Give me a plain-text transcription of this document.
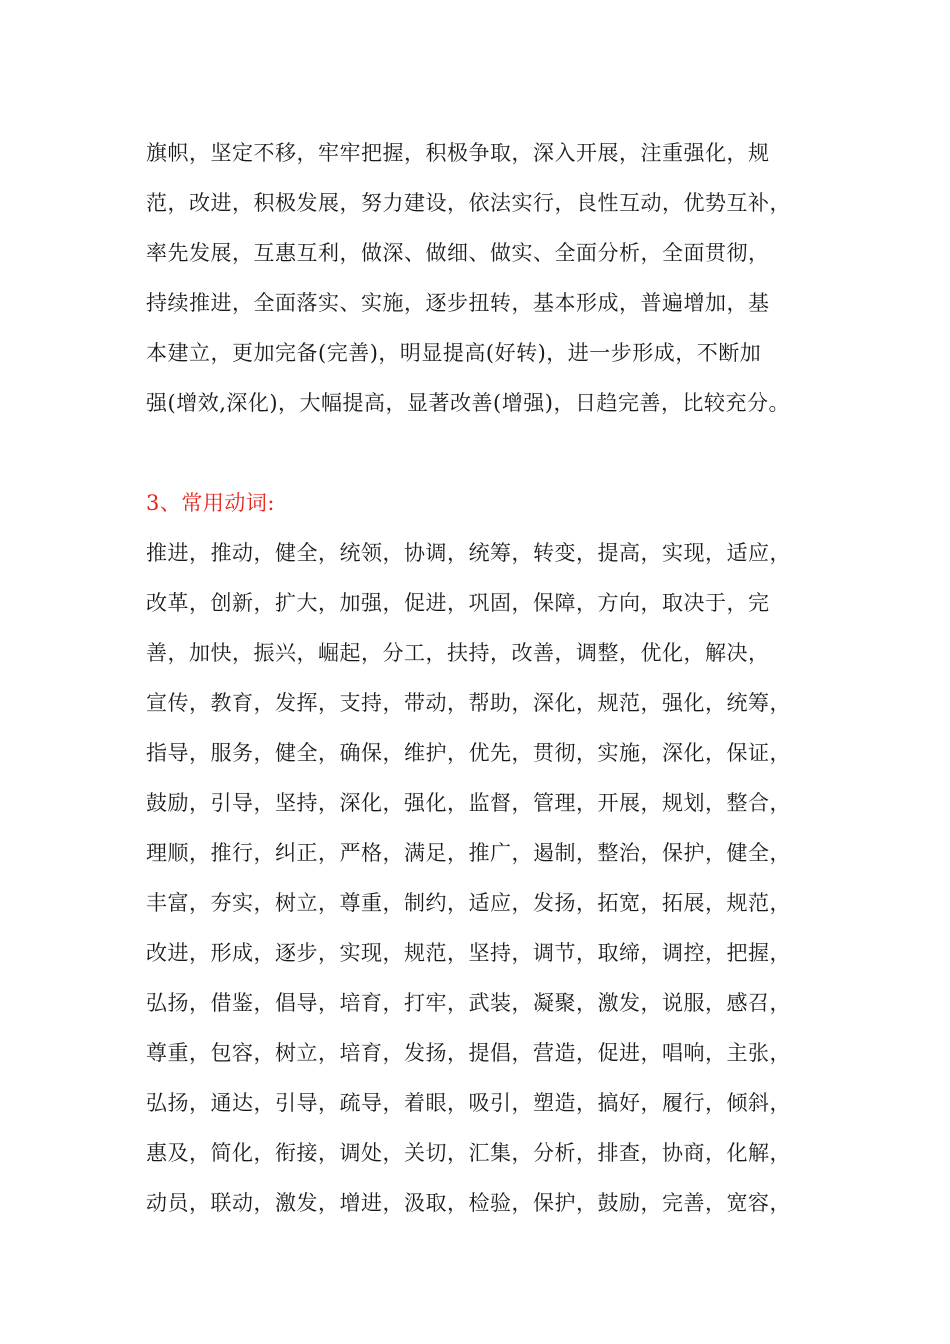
旗帜，坚定不移，牢牢把握，积极争取，深入开展，注重强化，规
范，改进，积极发展，努力建设，依法实行，良性互动，优势互补，
率先发展，互惠互利，做深、做细、做实、全面分析，全面贯彻，
持续推进，全面落实、实施，逐步扭转，基本形成，普遍增加，基
本建立，更加完备(完善)，明显提高(好转)，进一步形成，不断加
强(增效,深化)，大幅提高，显著改善(增强)，日趋完善，比较充分。
3、常用动词:
推进，推动，健全，统领，协调，统筹，转变，提高，实现，适应，
改革，创新，扩大，加强，促进，巩固，保障，方向，取决于，完
善，加快，振兴，崛起，分工，扶持，改善，调整，优化，解决，
宣传，教育，发挥，支持，带动，帮助，深化，规范，强化，统筹，
指导，服务，健全，确保，维护，优先，贯彻，实施，深化，保证，
鼓励，引导，坚持，深化，强化，监督，管理，开展，规划，整合，
理顺，推行，纠正，严格，满足，推广，遏制，整治，保护，健全，
丰富，夯实，树立，尊重，制约，适应，发扬，拓宽，拓展，规范，
改进，形成，逐步，实现，规范，坚持，调节，取缔，调控，把握，
弘扬，借鉴，倡导，培育，打牢，武装，凝聚，激发，说服，感召，
尊重，包容，树立，培育，发扬，提倡，营造，促进，唱响，主张，
弘扬，通达，引导，疏导，着眼，吸引，塑造，搞好，履行，倾斜，
惠及，简化，衔接，调处，关切，汇集，分析，排查，协商，化解，
动员，联动，激发，增进，汲取，检验，保护，鼓励，完善，宽容，
